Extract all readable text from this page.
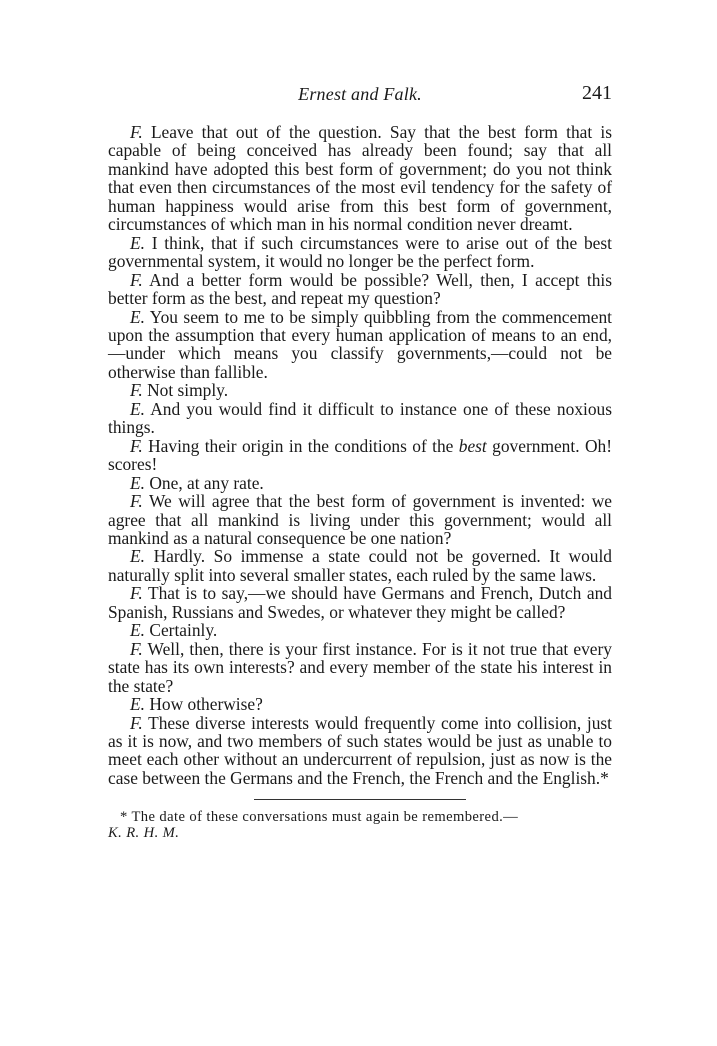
Ernest and Falk.	241

F. Leave that out of the question. Say that the best form that is capable of being conceived has already been found; say that all mankind have adopted this best form of government; do you not think that even then circumstances of the most evil tendency for the safety of human happiness would arise from this best form of government, circumstances of which man in his normal condition never dreamt.

E. I think, that if such circumstances were to arise out of the best governmental system, it would no longer be the perfect form.

F. And a better form would be possible? Well, then, I accept this better form as the best, and repeat my question?

E. You seem to me to be simply quibbling from the commencement upon the assumption that every human application of means to an end,—under which means you classify governments,—could not be otherwise than fallible.

F. Not simply.

E. And you would find it difficult to instance one of these noxious things.

F. Having their origin in the conditions of the best government. Oh! scores!

E. One, at any rate.

F. We will agree that the best form of government is invented: we agree that all mankind is living under this government; would all mankind as a natural consequence be one nation?

E. Hardly. So immense a state could not be governed. It would naturally split into several smaller states, each ruled by the same laws.

F. That is to say,—we should have Germans and French, Dutch and Spanish, Russians and Swedes, or whatever they might be called?

E. Certainly.

F. Well, then, there is your first instance. For is it not true that every state has its own interests? and every member of the state his interest in the state?

E. How otherwise?

F. These diverse interests would frequently come into collision, just as it is now, and two members of such states would be just as unable to meet each other without an undercurrent of repulsion, just as now is the case between the Germans and the French, the French and the English.*

* The date of these conversations must again be remembered.—
K. R. H. M.
